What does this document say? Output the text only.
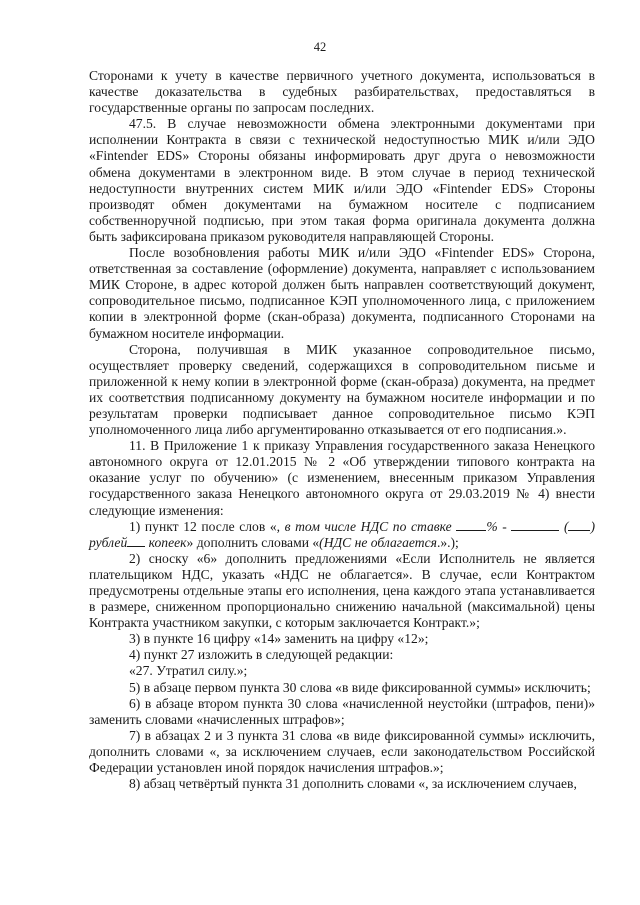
42

Сторонами к учету в качестве первичного учетного документа, использоваться в качестве доказательства в судебных разбирательствах, предоставляться в государственные органы по запросам последних.

47.5. В случае невозможности обмена электронными документами при исполнении Контракта в связи с технической недоступностью МИК и/или ЭДО «Fintender EDS» Стороны обязаны информировать друг друга о невозможности обмена документами в электронном виде. В этом случае в период технической недоступности внутренних систем МИК и/или ЭДО «Fintender EDS» Стороны производят обмен документами на бумажном носителе с подписанием собственноручной подписью, при этом такая форма оригинала документа должна быть зафиксирована приказом руководителя направляющей Стороны.

После возобновления работы МИК и/или ЭДО «Fintender EDS» Сторона, ответственная за составление (оформление) документа, направляет с использованием МИК Стороне, в адрес которой должен быть направлен соответствующий документ, сопроводительное письмо, подписанное КЭП уполномоченного лица, с приложением копии в электронной форме (скан-образа) документа, подписанного Сторонами на бумажном носителе информации.

Сторона, получившая в МИК указанное сопроводительное письмо, осуществляет проверку сведений, содержащихся в сопроводительном письме и приложенной к нему копии в электронной форме (скан-образа) документа, на предмет их соответствия подписанному документу на бумажном носителе информации и по результатам проверки подписывает данное сопроводительное письмо КЭП уполномоченного лица либо аргументированно отказывается от его подписания.».

11. В Приложение 1 к приказу Управления государственного заказа Ненецкого автономного округа от 12.01.2015 № 2 «Об утверждении типового контракта на оказание услуг по обучению» (с изменением, внесенным приказом Управления государственного заказа Ненецкого автономного округа от 29.03.2019 № 4) внести следующие изменения:

1) пункт 12 после слов «, в том числе НДС по ставке	% -	( ) рублей копеек» дополнить словами «(НДС не облагается.».);

2) сноску «6» дополнить предложениями «Если Исполнитель не является плательщиком НДС, указать «НДС не облагается». В случае, если Контрактом предусмотрены отдельные этапы его исполнения, цена каждого этапа устанавливается в размере, сниженном пропорционально снижению начальной (максимальной) цены Контракта участником закупки, с которым заключается Контракт.»;

3) в пункте 16 цифру «14» заменить на цифру «12»;

4) пункт 27 изложить в следующей редакции:

«27. Утратил силу.»;

5) в абзаце первом пункта 30 слова «в виде фиксированной суммы» исключить;

6) в абзаце втором пункта 30 слова «начисленной неустойки (штрафов, пени)» заменить словами «начисленных штрафов»;

7) в абзацах 2 и 3 пункта 31 слова «в виде фиксированной суммы» исключить, дополнить словами «, за исключением случаев, если законодательством Российской Федерации установлен иной порядок начисления штрафов.»;

8) абзац четвёртый пункта 31 дополнить словами «, за исключением случаев,
